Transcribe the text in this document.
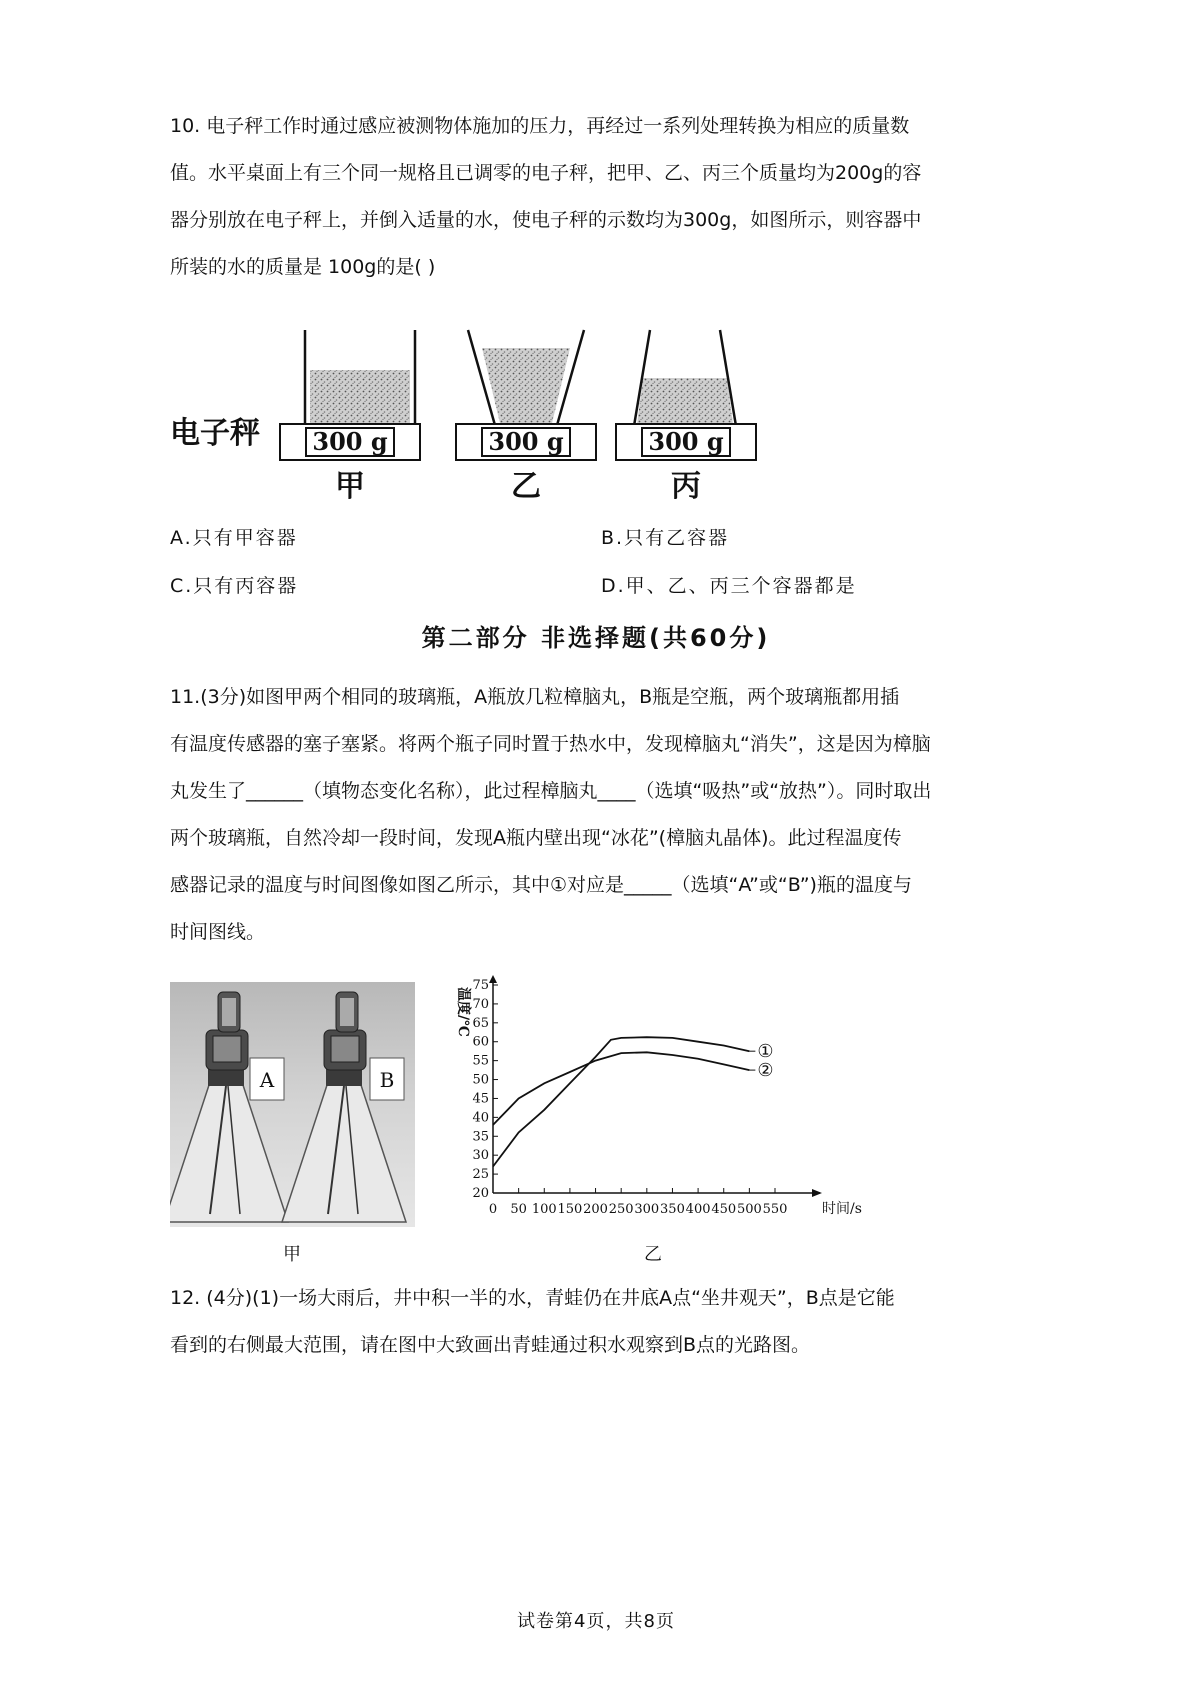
10. 电子秤工作时通过感应被测物体施加的压力，再经过一系列处理转换为相应的质量数
值。水平桌面上有三个同一规格且已调零的电子秤，把甲、乙、丙三个质量均为200g的容
器分别放在电子秤上，并倒入适量的水，使电子秤的示数均为300g，如图所示，则容器中
所装的水的质量是 100g的是( )
电子秤 300 g	300 g	300 g
甲	乙	丙
A.只有甲容器	B.只有乙容器
C.只有丙容器	D.甲、乙、丙三个容器都是
第二部分 非选择题(共60分)
11.(3分)如图甲两个相同的玻璃瓶，A瓶放几粒樟脑丸，B瓶是空瓶，两个玻璃瓶都用插
有温度传感器的塞子塞紧。将两个瓶子同时置于热水中，发现樟脑丸“消失”，这是因为樟脑
丸发生了______（填物态变化名称），此过程樟脑丸____（选填“吸热”或“放热”）。同时取出
两个玻璃瓶，自然冷却一段时间，发现A瓶内壁出现“冰花”(樟脑丸晶体)。此过程温度传
感器记录的温度与时间图像如图乙所示，其中①对应是_____（选填“A”或“B”)瓶的温度与
时间图线。
A	B
甲
20
25
30
35
40
45
50
55
60
65
70
75
0 50 100 150 200 250 300 350 400 450 500 550
温度/℃
时间/s
①
②
乙
12. (4分)(1)一场大雨后，井中积一半的水，青蛙仍在井底A点“坐井观天”，B点是它能
看到的右侧最大范围，请在图中大致画出青蛙通过积水观察到B点的光路图。
试卷第4页，共8页
